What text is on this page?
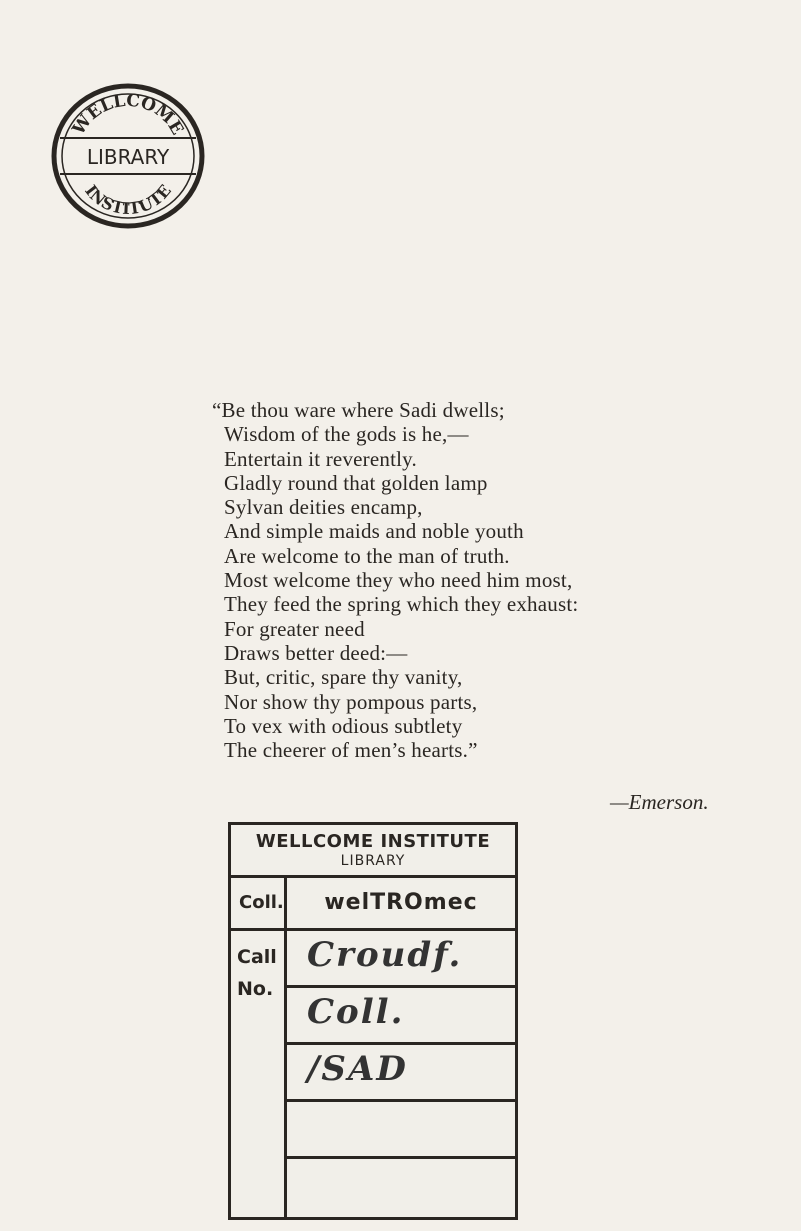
WELLCOME
LIBRARY
INSTITUTE
“Be thou ware where Sadi dwells;
Wisdom of the gods is he,—
Entertain it reverently.
Gladly round that golden lamp
Sylvan deities encamp,
And simple maids and noble youth
Are welcome to the man of truth.
Most welcome they who need him most,
They feed the spring which they exhaust:
For greater need
Draws better deed:—
But, critic, spare thy vanity,
Nor show thy pompous parts,
To vex with odious subtlety
The cheerer of men’s hearts.”
—Emerson.
WELLCOME INSTITUTE
LIBRARY
Coll.	welTROmec
Call
No.
Croudf.
Coll.
/SAD
